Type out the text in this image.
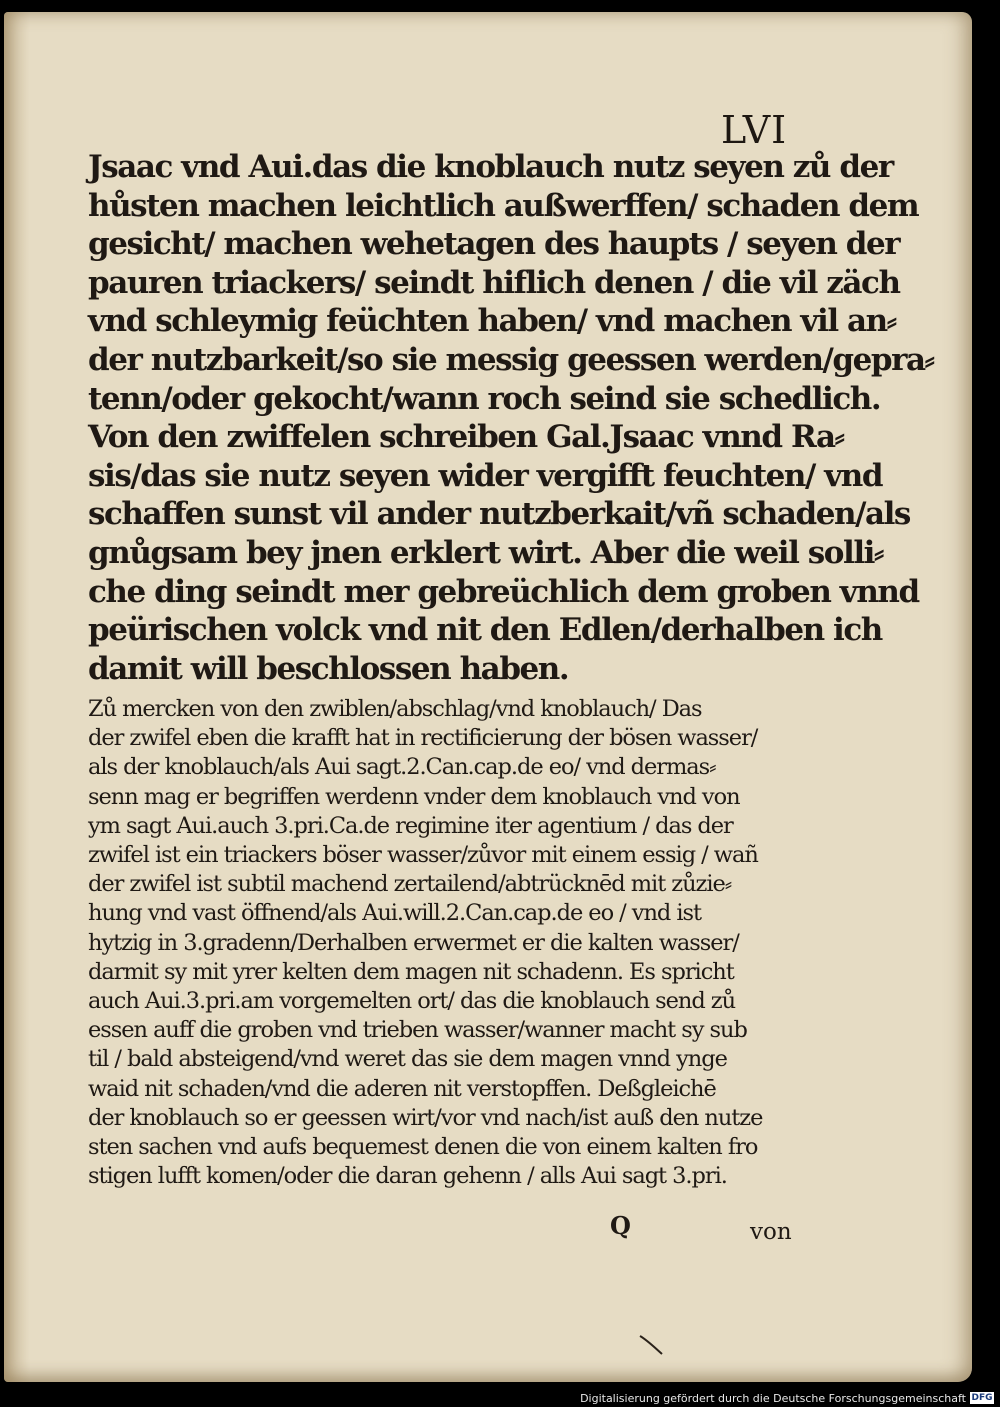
LVI
Jsaac vnd Aui.das die knoblauch nutz seyen zů der
hůsten machen leichtlich außwerffen/ schaden dem
gesicht/ machen wehetagen des haupts / seyen der
pauren triackers/ seindt hiflich denen / die vil zäch
vnd schleymig feüchten haben/ vnd machen vil an⸗
der nutzbarkeit/so sie messig geessen werden/gepra⸗
tenn/oder gekocht/wann roch seind sie schedlich.
Von den zwiffelen schreiben Gal.Jsaac vnnd Ra⸗
sis/das sie nutz seyen wider vergifft feuchten/ vnd
schaffen sunst vil ander nutzberkait/vñ schaden/als
gnůgsam bey jnen erklert wirt. Aber die weil solli⸗
che ding seindt mer gebreüchlich dem groben vnnd
peürischen volck vnd nit den Edlen/derhalben ich
damit will beschlossen haben.
Zů mercken von den zwiblen/abschlag/vnd knoblauch/ Das
der zwifel eben die krafft hat in rectificierung der bösen wasser/
als der knoblauch/als Aui sagt.2.Can.cap.de eo/ vnd dermas⸗
senn mag er begriffen werdenn vnder dem knoblauch vnd von
ym sagt Aui.auch 3.pri.Ca.de regimine iter agentium / das der
zwifel ist ein triackers böser wasser/zůvor mit einem essig / wañ
der zwifel ist subtil machend zertailend/abtrücknēd mit zůzie⸗
hung vnd vast öffnend/als Aui.will.2.Can.cap.de eo / vnd ist
hytzig in 3.gradenn/Derhalben erwermet er die kalten wasser/
darmit sy mit yrer kelten dem magen nit schadenn. Es spricht
auch Aui.3.pri.am vorgemelten ort/ das die knoblauch send zů
essen auff die groben vnd trieben wasser/wanner macht sy sub
til / bald absteigend/vnd weret das sie dem magen vnnd ynge
waid nit schaden/vnd die aderen nit verstopffen. Deßgleichē
der knoblauch so er geessen wirt/vor vnd nach/ist auß den nutze
sten sachen vnd aufs bequemest denen die von einem kalten fro
stigen lufft komen/oder die daran gehenn / alls Aui sagt 3.pri.
Q	von
Digitalisierung gefördert durch die Deutsche Forschungsgemeinschaft DFG
